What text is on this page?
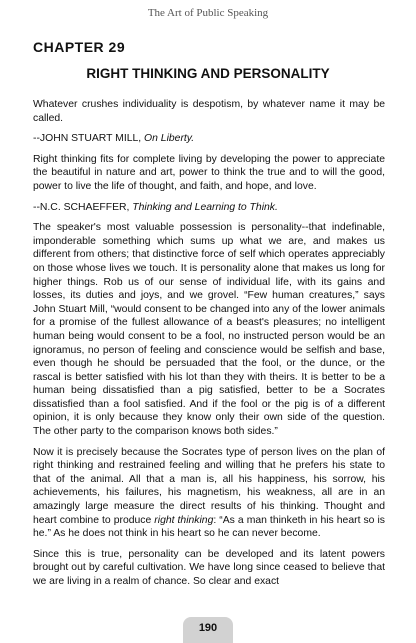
The Art of Public Speaking
CHAPTER 29
RIGHT THINKING AND PERSONALITY

Whatever crushes individuality is despotism, by whatever name it may be called.

--JOHN STUART MILL, On Liberty.

Right thinking fits for complete living by developing the power to appreciate the beautiful in nature and art, power to think the true and to will the good, power to live the life of thought, and faith, and hope, and love.

--N.C. SCHAEFFER, Thinking and Learning to Think.

The speaker's most valuable possession is personality--that indefinable, imponderable something which sums up what we are, and makes us different from others; that distinctive force of self which operates appreciably on those whose lives we touch. It is personality alone that makes us long for higher things. Rob us of our sense of individual life, with its gains and losses, its duties and joys, and we grovel. “Few human creatures,” says John Stuart Mill, “would consent to be changed into any of the lower animals for a promise of the fullest allowance of a beast's pleasures; no intelligent human being would consent to be a fool, no instructed person would be an ignoramus, no person of feeling and conscience would be selfish and base, even though he should be persuaded that the fool, or the dunce, or the rascal is better satisfied with his lot than they with theirs. It is better to be a human being dissatisfied than a pig satisfied, better to be a Socrates dissatisfied than a fool satisfied. And if the fool or the pig is of a different opinion, it is only because they know only their own side of the question. The other party to the comparison knows both sides.”

Now it is precisely because the Socrates type of person lives on the plan of right thinking and restrained feeling and willing that he prefers his state to that of the animal. All that a man is, all his happiness, his sorrow, his achievements, his failures, his magnetism, his weakness, all are in an amazingly large measure the direct results of his thinking. Thought and heart combine to produce right thinking: “As a man thinketh in his heart so is he.” As he does not think in his heart so he can never become.

Since this is true, personality can be developed and its latent powers brought out by careful cultivation. We have long since ceased to believe that we are living in a realm of chance. So clear and exact

190
